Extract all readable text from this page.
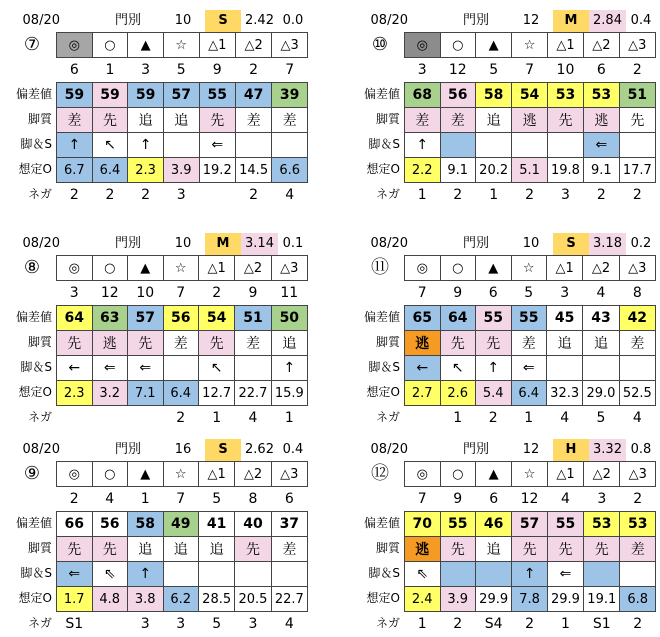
08/20	門別	10	S	2.42 0.0
⑦
偏差値
脚質
脚＆S
想定O
ネガ
◎	○	▲	☆	△1	△2	△3
6	1	3	5	9	2	7
59	59	59	57	55	47	39
差	先	追	追	先	差	差
↑	↖	↑		⇐		
6.7	6.4	2.3	3.9	19.2	14.5	6.6
2	2	2	3		2	4
08/20	門別	12	M	2.84 0.4
⑩
偏差値
脚質
脚＆S
想定O
ネガ
◎	○	▲	☆	△1	△2	△3
3	12	5	7	10	6	2
68	56	58	54	53	53	51
差	差	追	逃	先	逃	先
↑					⇐	
2.2	9.1	20.2	5.1	19.8	9.1	17.7
1	2	1	2	3	2	2
08/20	門別	10	M	3.14 0.1
⑧
偏差値
脚質
脚＆S
想定O
ネガ
◎	○	▲	☆	△1	△2	△3
3	12	10	7	2	9	11
64	63	57	56	54	51	50
先	逃	先	差	先	差	追
←	⇐	⇐		↖		↑
2.3	3.2	7.1	6.4	12.7	22.7	15.9
			2	1	4	1
08/20	門別	10	S	3.18 0.2
⑪
偏差値
脚質
脚＆S
想定O
ネガ
◎	○	▲	☆	△1	△2	△3
7	9	6	5	3	4	8
65	64	55	55	45	43	42
逃	先	先	差	追	追	差
←	↖	↑	⇐			
2.7	2.6	5.4	6.4	32.3	29.0	52.5
	1	2	1	4	5	4
08/20	門別	16	S	2.62 0.4
⑨
偏差値
脚質
脚＆S
想定O
ネガ
◎	○	▲	☆	△1	△2	△3
2	4	1	7	5	8	6
66	56	58	49	41	40	37
先	先	追	追	追	先	差
⇐	⇖	↑				
1.7	4.8	3.8	6.2	28.5	20.5	22.7
S1		3	3	5	3	4
08/20	門別	12	H	3.32 0.8
⑫
偏差値
脚質
脚＆S
想定O
ネガ
◎	○	▲	☆	△1	△2	△3
7	9	6	12	4	3	2
70	55	46	57	55	53	53
逃	先	追	先	先	先	差
⇖			↑	⇐		
2.4	3.9	29.9	7.8	29.9	19.1	6.8
1	2	S4	2	1	S1	2
